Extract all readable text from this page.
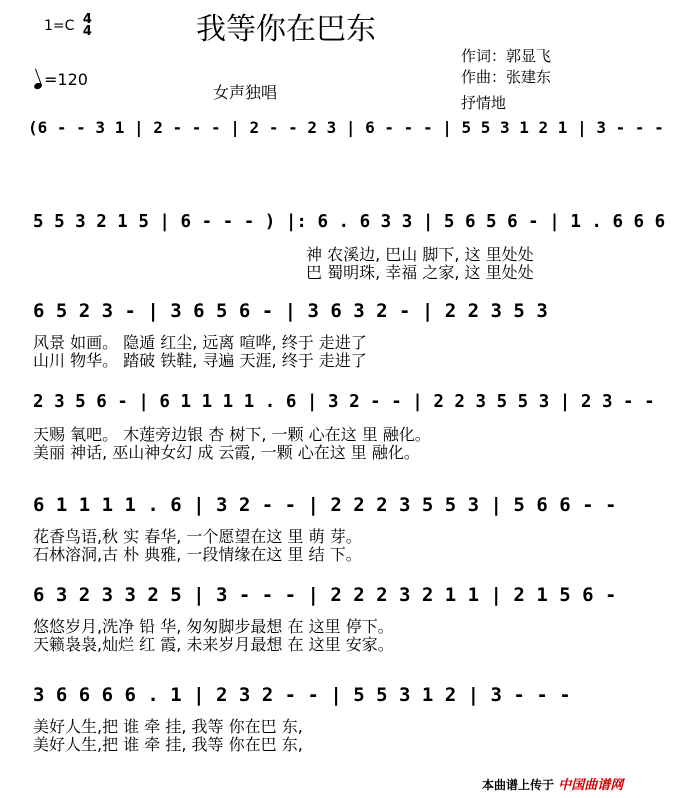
1=C 4
4	我等你在巴东
作词：郭显飞
作曲：张建东
抒情地
女声独唱
=120
(6 - - 3 1 | 2 - - - | 2 - - 2 3 | 6 - - - | 5 5 3 1 2 1 | 3 - - -
5 5 3 2 1 5 | 6 - - - ) |: 6 . 6 3 3 | 5 6 5 6 - | 1 . 6 6 6
神 农溪边, 巴山 脚下, 这 里处处
巴 蜀明珠, 幸福 之家, 这 里处处
6 5 2 3 - | 3 6 5 6 - | 3 6 3 2 - | 2 2 3 5 3
风景 如画。 隐遁 红尘, 远离 喧哗, 终于 走进了
山川 物华。 踏破 铁鞋, 寻遍 天涯, 终于 走进了
2 3 5 6 - | 6 1 1 1 1 . 6 | 3 2 - - | 2 2 3 5 5 3 | 2 3 - -
天赐 氧吧。 木莲旁边银 杏 树下, 一颗 心在这 里 融化。
美丽 神话, 巫山神女幻 成 云霞, 一颗 心在这 里 融化。
6 1 1 1 1 . 6 | 3 2 - - | 2 2 2 3 5 5 3 | 5 6 6 - -
花香鸟语,秋 实 春华, 一个愿望在这 里 萌 芽。
石林溶洞,古 朴 典雅, 一段情缘在这 里 结 下。
6 3 2 3 3 2 5 | 3 - - - | 2 2 2 3 2 1 1 | 2 1 5 6 -
悠悠岁月,洗净 铅 华, 匆匆脚步最想 在 这里 停下。
天籁袅袅,灿烂 红 霞, 未来岁月最想 在 这里 安家。
3 6 6 6 6 . 1 | 2 3 2 - - | 5 5 3 1 2 | 3 - - -
美好人生,把 谁 牵 挂, 我等 你在巴 东,
美好人生,把 谁 牵 挂, 我等 你在巴 东,
本曲谱上传于 中国曲谱网
